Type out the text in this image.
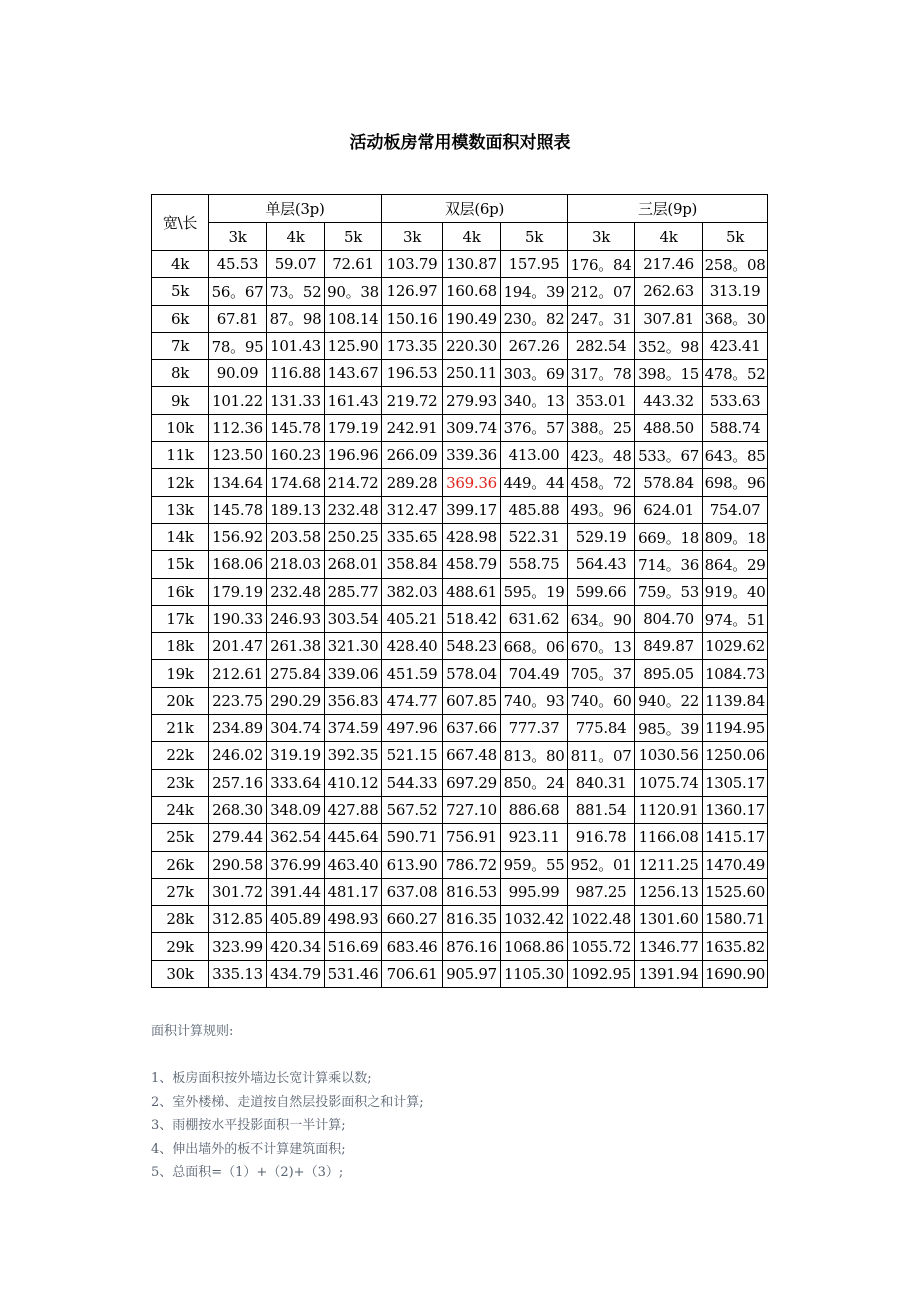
活动板房常用模数面积对照表
宽\长	单层(3p)			双层(6p)			三层(9p)		
	3k	4k	5k	3k	4k	5k	3k	4k	5k
4k	45.53	59.07	72.61	103.79	130.87	157.95	176。84	217.46	258。08
5k	56。67	73。52	90。38	126.97	160.68	194。39	212。07	262.63	313.19
6k	67.81	87。98	108.14	150.16	190.49	230。82	247。31	307.81	368。30
7k	78。95	101.43	125.90	173.35	220.30	267.26	282.54	352。98	423.41
8k	90.09	116.88	143.67	196.53	250.11	303。69	317。78	398。15	478。52
9k	101.22	131.33	161.43	219.72	279.93	340。13	353.01	443.32	533.63
10k	112.36	145.78	179.19	242.91	309.74	376。57	388。25	488.50	588.74
11k	123.50	160.23	196.96	266.09	339.36	413.00	423。48	533。67	643。85
12k	134.64	174.68	214.72	289.28	369.36	449。44	458。72	578.84	698。96
13k	145.78	189.13	232.48	312.47	399.17	485.88	493。96	624.01	754.07
14k	156.92	203.58	250.25	335.65	428.98	522.31	529.19	669。18	809。18
15k	168.06	218.03	268.01	358.84	458.79	558.75	564.43	714。36	864。29
16k	179.19	232.48	285.77	382.03	488.61	595。19	599.66	759。53	919。40
17k	190.33	246.93	303.54	405.21	518.42	631.62	634。90	804.70	974。51
18k	201.47	261.38	321.30	428.40	548.23	668。06	670。13	849.87	1029.62
19k	212.61	275.84	339.06	451.59	578.04	704.49	705。37	895.05	1084.73
20k	223.75	290.29	356.83	474.77	607.85	740。93	740。60	940。22	1139.84
21k	234.89	304.74	374.59	497.96	637.66	777.37	775.84	985。39	1194.95
22k	246.02	319.19	392.35	521.15	667.48	813。80	811。07	1030.56	1250.06
23k	257.16	333.64	410.12	544.33	697.29	850。24	840.31	1075.74	1305.17
24k	268.30	348.09	427.88	567.52	727.10	886.68	881.54	1120.91	1360.17
25k	279.44	362.54	445.64	590.71	756.91	923.11	916.78	1166.08	1415.17
26k	290.58	376.99	463.40	613.90	786.72	959。55	952。01	1211.25	1470.49
27k	301.72	391.44	481.17	637.08	816.53	995.99	987.25	1256.13	1525.60
28k	312.85	405.89	498.93	660.27	816.35	1032.42	1022.48	1301.60	1580.71
29k	323.99	420.34	516.69	683.46	876.16	1068.86	1055.72	1346.77	1635.82
30k	335.13	434.79	531.46	706.61	905.97	1105.30	1092.95	1391.94	1690.90
面积计算规则:
1、板房面积按外墙边长宽计算乘以数;
2、室外楼梯、走道按自然层投影面积之和计算;
3、雨棚按水平投影面积一半计算;
4、伸出墙外的板不计算建筑面积;
5、总面积=（1）+（2)+（3）;
